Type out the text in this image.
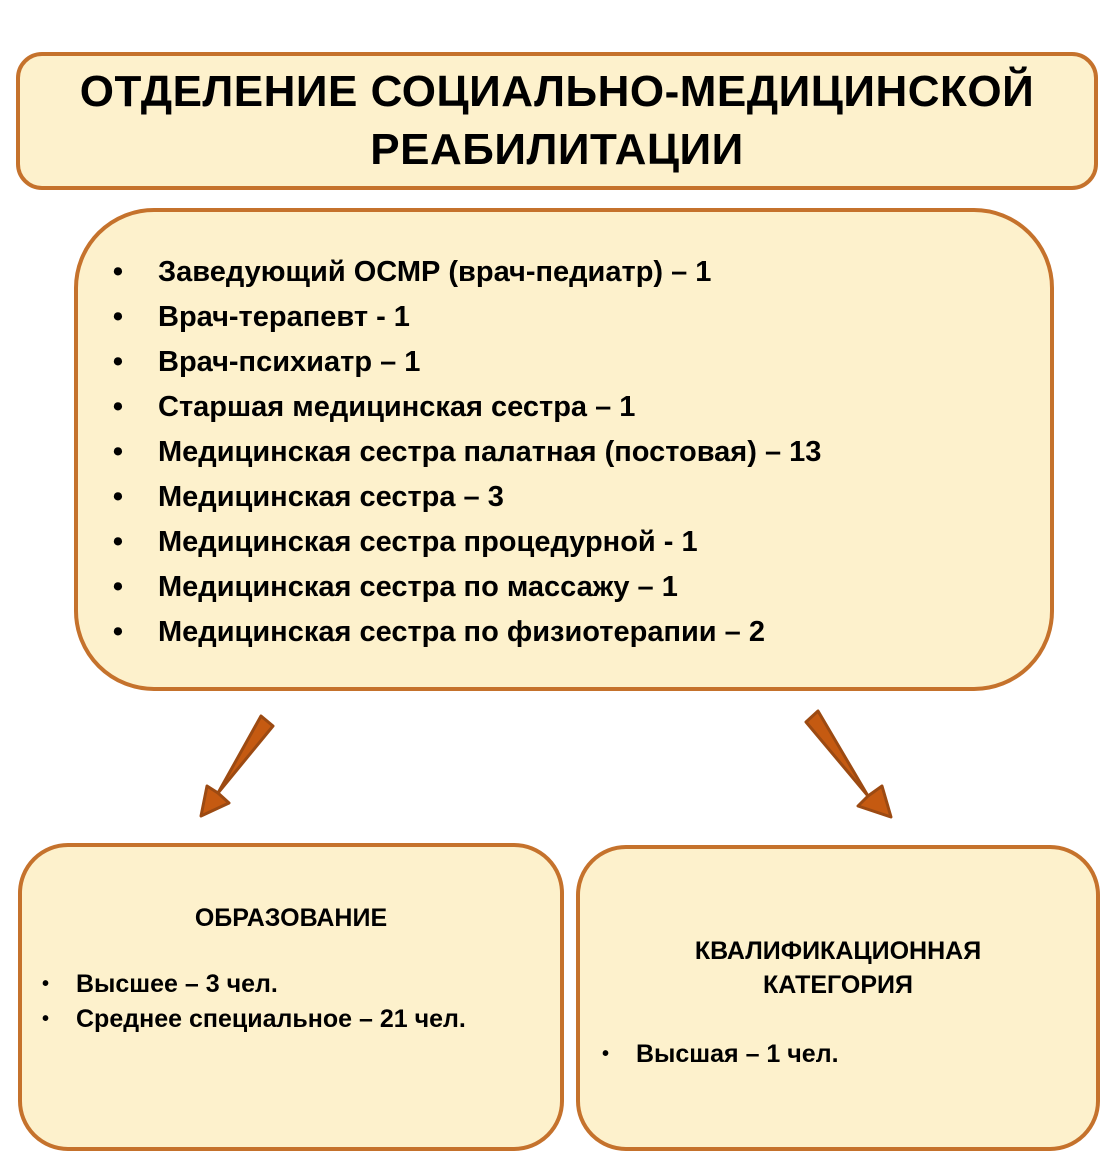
ОТДЕЛЕНИЕ СОЦИАЛЬНО-МЕДИЦИНСКОЙ
РЕАБИЛИТАЦИИ
• Заведующий ОСМР (врач-педиатр) – 1
• Врач-терапевт - 1
• Врач-психиатр – 1
• Старшая медицинская сестра – 1
• Медицинская сестра палатная (постовая) – 13
• Медицинская сестра – 3
• Медицинская сестра процедурной - 1
• Медицинская сестра по массажу – 1
• Медицинская сестра по физиотерапии – 2
ОБРАЗОВАНИЕ
• Высшее – 3 чел.
• Среднее специальное – 21 чел.
КВАЛИФИКАЦИОННАЯ
КАТЕГОРИЯ
• Высшая – 1 чел.
